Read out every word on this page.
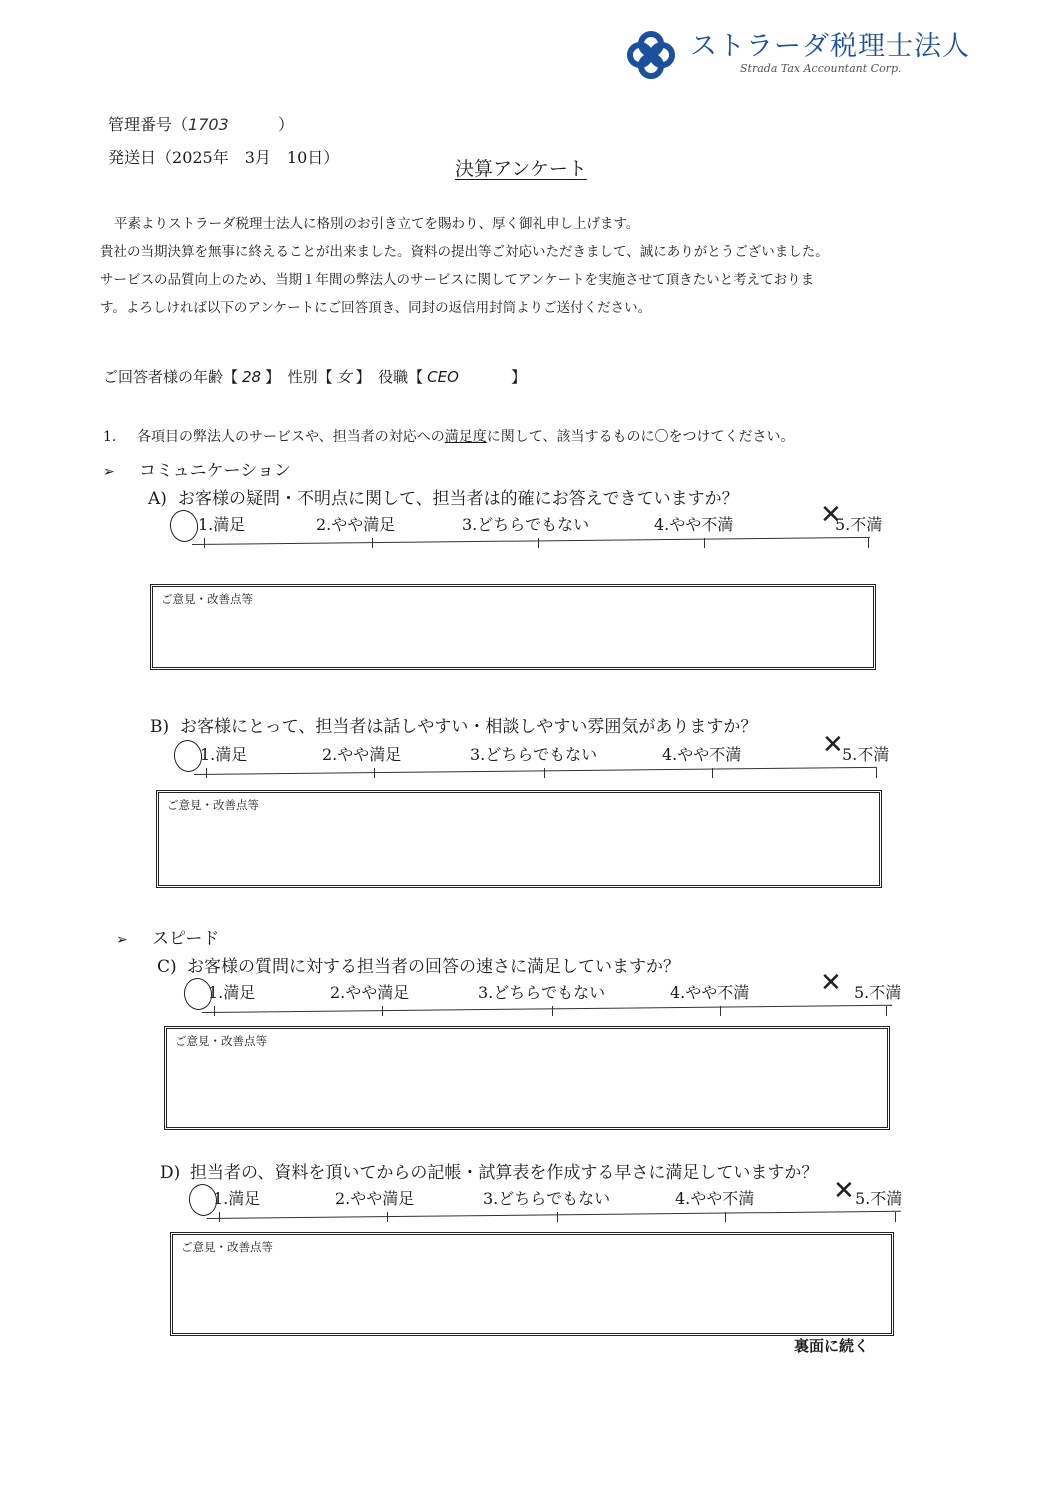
ストラーダ税理士法人
Strada Tax Accountant Corp.
管理番号（1703	）
発送日（2025年　3月　10日）
決算アンケート

平素よりストラーダ税理士法人に格別のお引き立てを賜わり、厚く御礼申し上げます。

貴社の当期決算を無事に終えることが出来ました。資料の提出等ご対応いただきまして、誠にありがとうございました。

サービスの品質向上のため、当期１年間の弊法人のサービスに関してアンケートを実施させて頂きたいと考えておりま

す。よろしければ以下のアンケートにご回答頂き、同封の返信用封筒よりご送付ください。

ご回答者様の年齢【 28 】　性別【 女 】　役職【 CEO	】
1. 各項目の弊法人のサービスや、担当者の対応への満足度に関して、該当するものに〇をつけてください。
➢ コミュニケーション
A) お客様の疑問・不明点に関して、担当者は的確にお答えできていますか？
1.満足	2.やや満足	3.どちらでもない	4.やや不満	5.不満
✕
ご意見・改善点等
B) お客様にとって、担当者は話しやすい・相談しやすい雰囲気がありますか？
1.満足	2.やや満足	3.どちらでもない	4.やや不満	5.不満
✕
ご意見・改善点等
➢ スピード
C) お客様の質問に対する担当者の回答の速さに満足していますか？
1.満足	2.やや満足	3.どちらでもない	4.やや不満	5.不満
✕
ご意見・改善点等
D) 担当者の、資料を頂いてからの記帳・試算表を作成する早さに満足していますか？
1.満足	2.やや満足	3.どちらでもない	4.やや不満	5.不満
✕
ご意見・改善点等
裏面に続く
